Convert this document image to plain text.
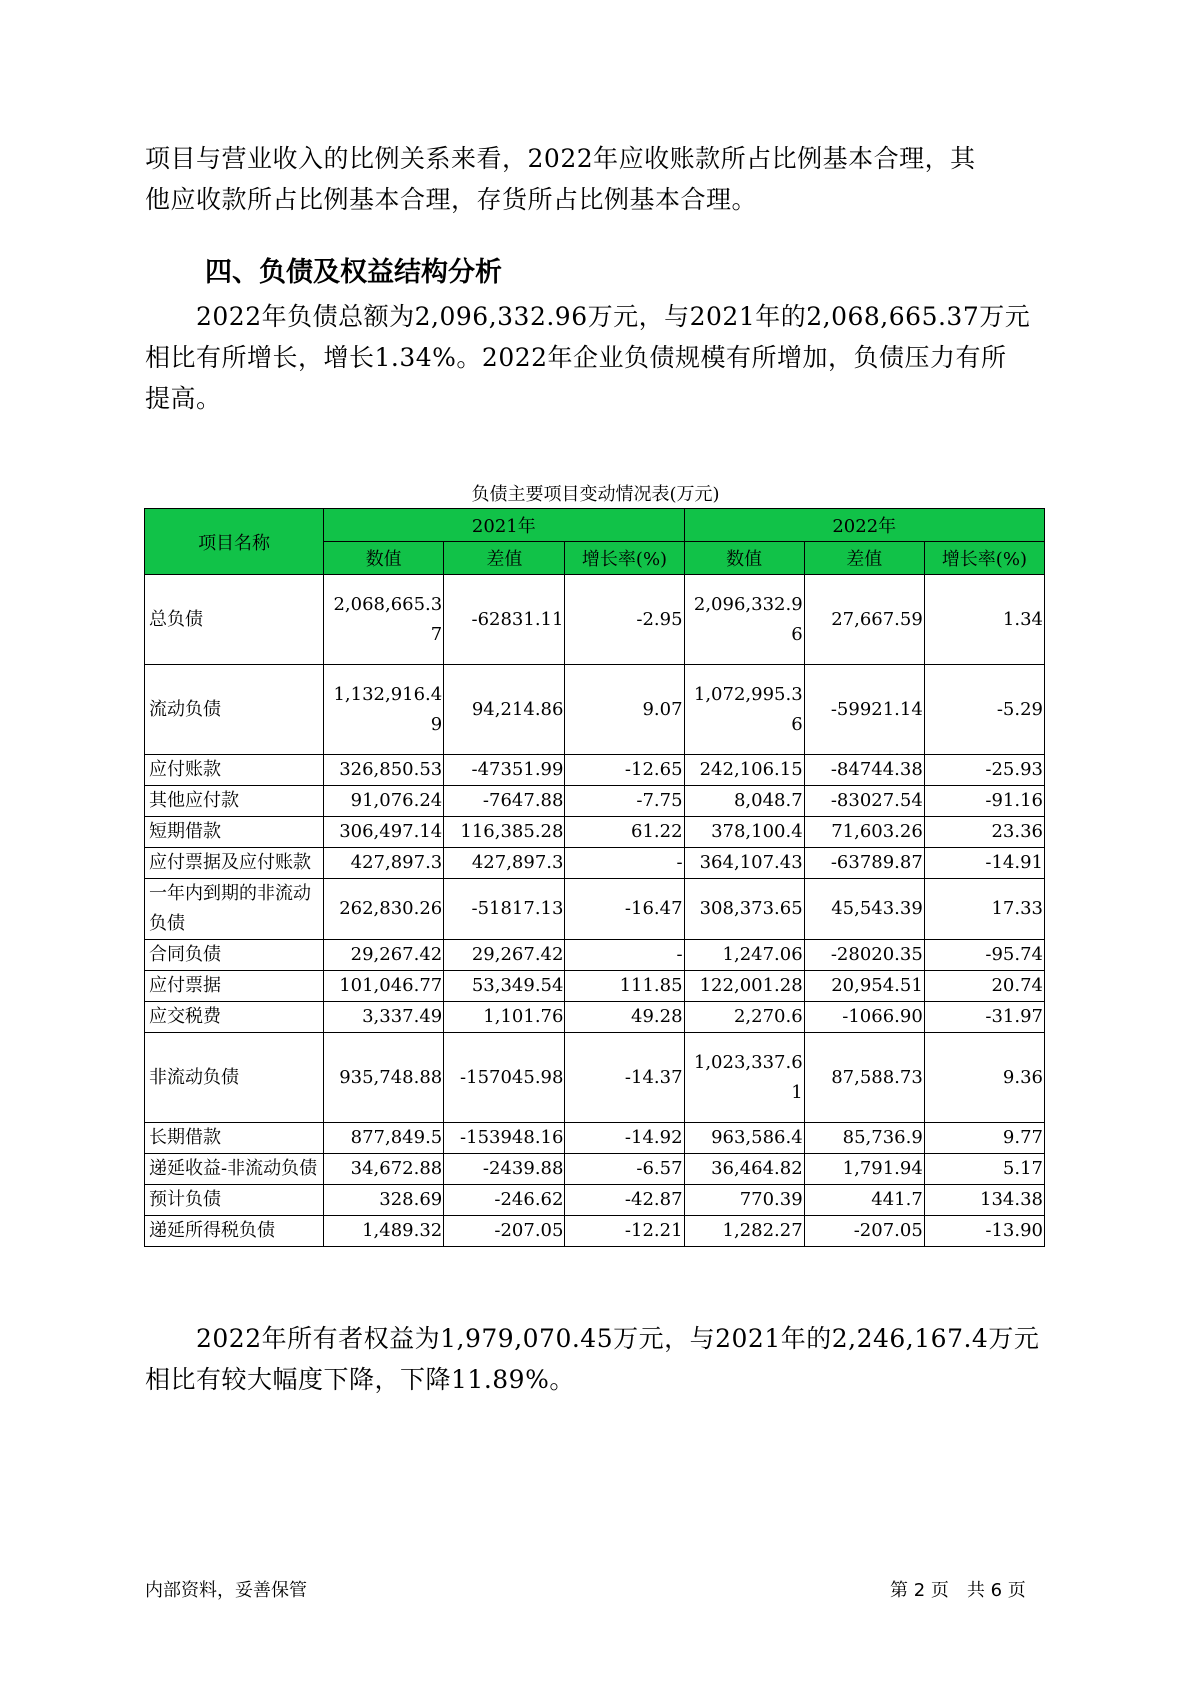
项目与营业收入的比例关系来看，2022年应收账款所占比例基本合理，其
他应收款所占比例基本合理，存货所占比例基本合理。
四、负债及权益结构分析
　　2022年负债总额为2,096,332.96万元，与2021年的2,068,665.37万元
相比有所增长，增长1.34%。2022年企业负债规模有所增加，负债压力有所
提高。
负债主要项目变动情况表(万元)
项目名称	2021年			2022年		
	数值	差值	增长率(%)	数值	差值	增长率(%)
总负债	2,068,665.37	-62831.11	-2.95	2,096,332.96	27,667.59	1.34
流动负债	1,132,916.49	94,214.86	9.07	1,072,995.36	-59921.14	-5.29
应付账款	326,850.53	-47351.99	-12.65	242,106.15	-84744.38	-25.93
其他应付款	91,076.24	-7647.88	-7.75	8,048.7	-83027.54	-91.16
短期借款	306,497.14	116,385.28	61.22	378,100.4	71,603.26	23.36
应付票据及应付账款	427,897.3	427,897.3	-	364,107.43	-63789.87	-14.91
一年内到期的非流动负债	262,830.26	-51817.13	-16.47	308,373.65	45,543.39	17.33
合同负债	29,267.42	29,267.42	-	1,247.06	-28020.35	-95.74
应付票据	101,046.77	53,349.54	111.85	122,001.28	20,954.51	20.74
应交税费	3,337.49	1,101.76	49.28	2,270.6	-1066.90	-31.97
非流动负债	935,748.88	-157045.98	-14.37	1,023,337.61	87,588.73	9.36
长期借款	877,849.5	-153948.16	-14.92	963,586.4	85,736.9	9.77
递延收益-非流动负债	34,672.88	-2439.88	-6.57	36,464.82	1,791.94	5.17
预计负债	328.69	-246.62	-42.87	770.39	441.7	134.38
递延所得税负债	1,489.32	-207.05	-12.21	1,282.27	-207.05	-13.90
　　2022年所有者权益为1,979,070.45万元，与2021年的2,246,167.4万元
相比有较大幅度下降，下降11.89%。
内部资料，妥善保管	第 2 页　共 6 页
